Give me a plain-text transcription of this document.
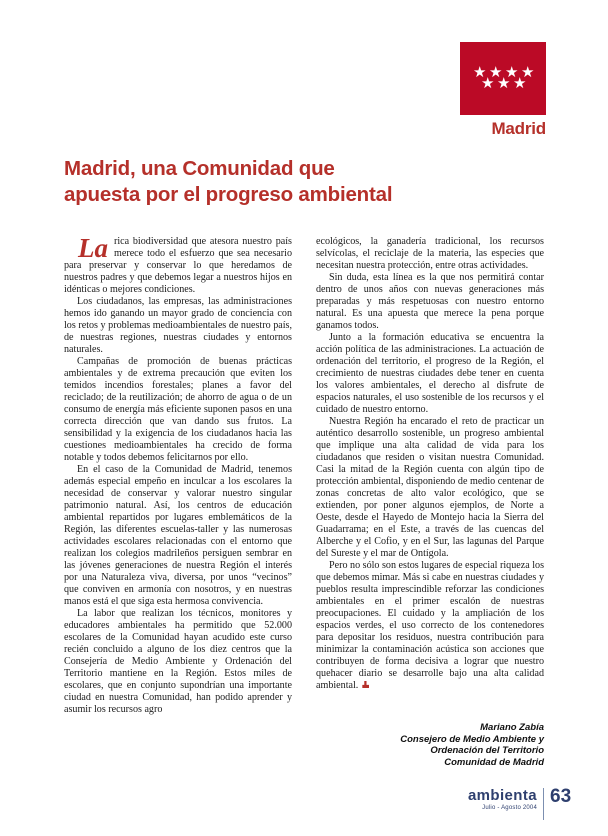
★ ★ ★ ★
★ ★ ★
Madrid
Madrid, una Comunidad que
apuesta por el progreso ambiental

La rica biodiversidad que atesora nuestro país merece todo el esfuerzo que sea necesario para preservar y conservar lo que heredamos de nuestros padres y que debemos legar a nuestros hijos en idénticas o mejores condiciones.

Los ciudadanos, las empresas, las administraciones hemos ido ganando un mayor grado de conciencia con los retos y problemas medioambientales de nuestro país, de nuestras regiones, nuestras ciudades y entornos naturales.

Campañas de promoción de buenas prácticas ambientales y de extrema precaución que eviten los temidos incendios forestales; planes a favor del reciclado; de la reutilización; de ahorro de agua o de un consumo de energía más eficiente suponen pasos en una correcta dirección que van dando sus frutos. La sensibilidad y la exigencia de los ciudadanos hacia las cuestiones medioambientales ha crecido de forma notable y todos debemos felicitarnos por ello.

En el caso de la Comunidad de Madrid, tenemos además especial empeño en inculcar a los escolares la necesidad de conservar y valorar nuestro singular patrimonio natural. Así, los centros de educación ambiental repartidos por lugares emblemáticos de la Región, las diferentes escuelas-taller y las numerosas actividades escolares relacionadas con el entorno que realizan los colegios madrileños persiguen sembrar en las jóvenes generaciones de nuestra Región el interés por una Naturaleza viva, diversa, por unos “vecinos” que conviven en armonía con nosotros, y en nuestras manos está el que siga esta hermosa convivencia.

La labor que realizan los técnicos, monitores y educadores ambientales ha permitido que 52.000 escolares de la Comunidad hayan acudido este curso recién concluido a alguno de los diez centros que la Consejería de Medio Ambiente y Ordenación del Territorio mantiene en la Región. Estos miles de escolares, que en conjunto supondrían una importante ciudad en nuestra Comunidad, han podido aprender y asumir los recursos agro

ecológicos, la ganadería tradicional, los recursos selvícolas, el reciclaje de la materia, las especies que necesitan nuestra protección, entre otras actividades.

Sin duda, esta línea es la que nos permitirá contar dentro de unos años con nuevas generaciones más preparadas y más respetuosas con nuestro entorno natural. Es una apuesta que merece la pena porque ganamos todos.

Junto a la formación educativa se encuentra la acción política de las administraciones. La actuación de ordenación del territorio, el progreso de la Región, el crecimiento de nuestras ciudades debe tener en cuenta los valores ambientales, el derecho al disfrute de espacios naturales, el uso sostenible de los recursos y el cuidado de nuestro entorno.

Nuestra Región ha encarado el reto de practicar un auténtico desarrollo sostenible, un progreso ambiental que implique una alta calidad de vida para los ciudadanos que residen o visitan nuestra Comunidad. Casi la mitad de la Región cuenta con algún tipo de protección ambiental, disponiendo de medio centenar de zonas concretas de alto valor ecológico, que se extienden, por poner algunos ejemplos, de Norte a Oeste, desde el Hayedo de Montejo hacia la Sierra del Guadarrama; en el Este, a través de las cuencas del Alberche y el Cofio, y en el Sur, las lagunas del Parque del Sureste y el mar de Ontígola.

Pero no sólo son estos lugares de especial riqueza los que debemos mimar. Más si cabe en nuestras ciudades y pueblos resulta imprescindible reforzar las condiciones ambientales en el primer escalón de nuestras preocupaciones. El cuidado y la ampliación de los espacios verdes, el uso correcto de los contenedores para depositar los residuos, nuestra contribución para minimizar la contaminación acústica son acciones que contribuyen de forma decisiva a lograr que nuestro quehacer diario se desarrolle bajo una alta calidad ambiental.

Mariano Zabía
Consejero de Medio Ambiente y
Ordenación del Territorio
Comunidad de Madrid
ambienta
Julio - Agosto 2004
63
